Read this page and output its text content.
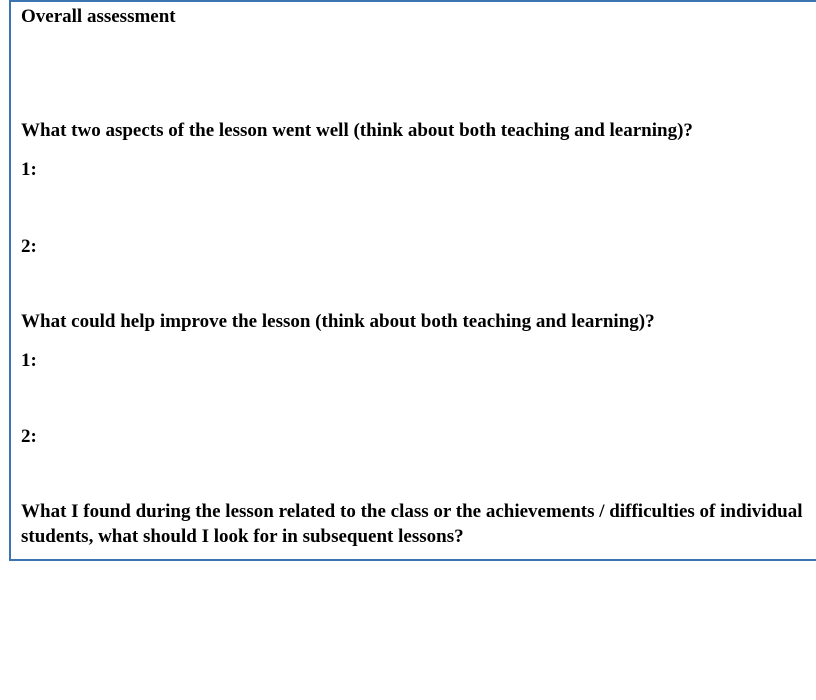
Overall assessment

What two aspects of the lesson went well (think about both teaching and learning)?

1:

2:

What could help improve the lesson (think about both teaching and learning)?

1:

2:

What I found during the lesson related to the class or the achievements / difficulties of individual students, what should I look for in subsequent lessons?
